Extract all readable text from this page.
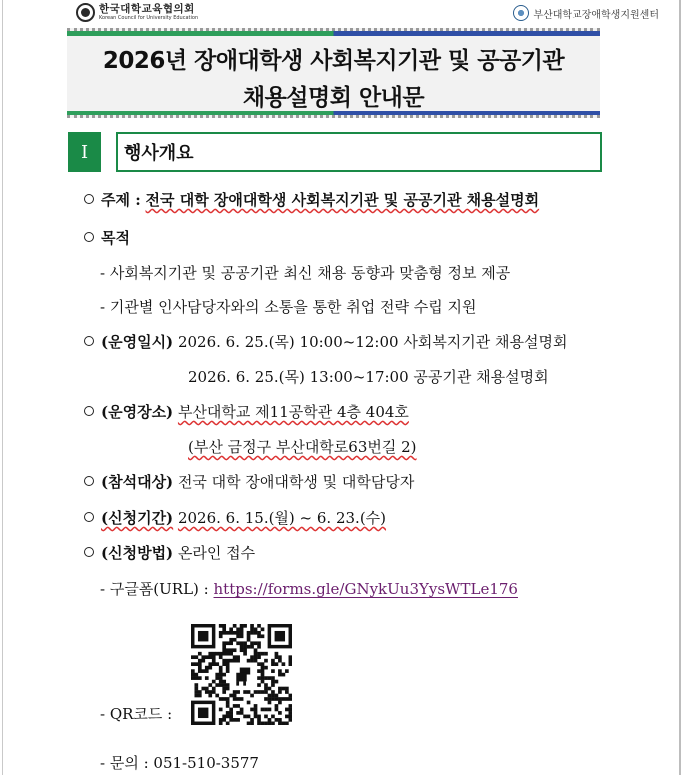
한국대학교육협의회
Korean Council for University Education	부산대학교장애학생지원센터
2026년 장애대학생 사회복지기관 및 공공기관
채용설명회 안내문
I	행사개요
주제 : 전국 대학 장애대학생 사회복지기관 및 공공기관 채용설명회
목적
- 사회복지기관 및 공공기관 최신 채용 동향과 맞춤형 정보 제공
- 기관별 인사담당자와의 소통을 통한 취업 전략 수립 지원
(운영일시) 2026. 6. 25.(목) 10:00~12:00 사회복지기관 채용설명회
2026. 6. 25.(목) 13:00~17:00 공공기관 채용설명회
(운영장소) 부산대학교 제11공학관 4층 404호
(부산 금정구 부산대학로63번길 2)
(참석대상) 전국 대학 장애대학생 및 대학담당자
(신청기간) 2026. 6. 15.(월) ~ 6. 23.(수)
(신청방법) 온라인 접수
- 구글폼(URL) : https://forms.gle/GNykUu3YysWTLe176
- QR코드 :
- 문의 : 051-510-3577
